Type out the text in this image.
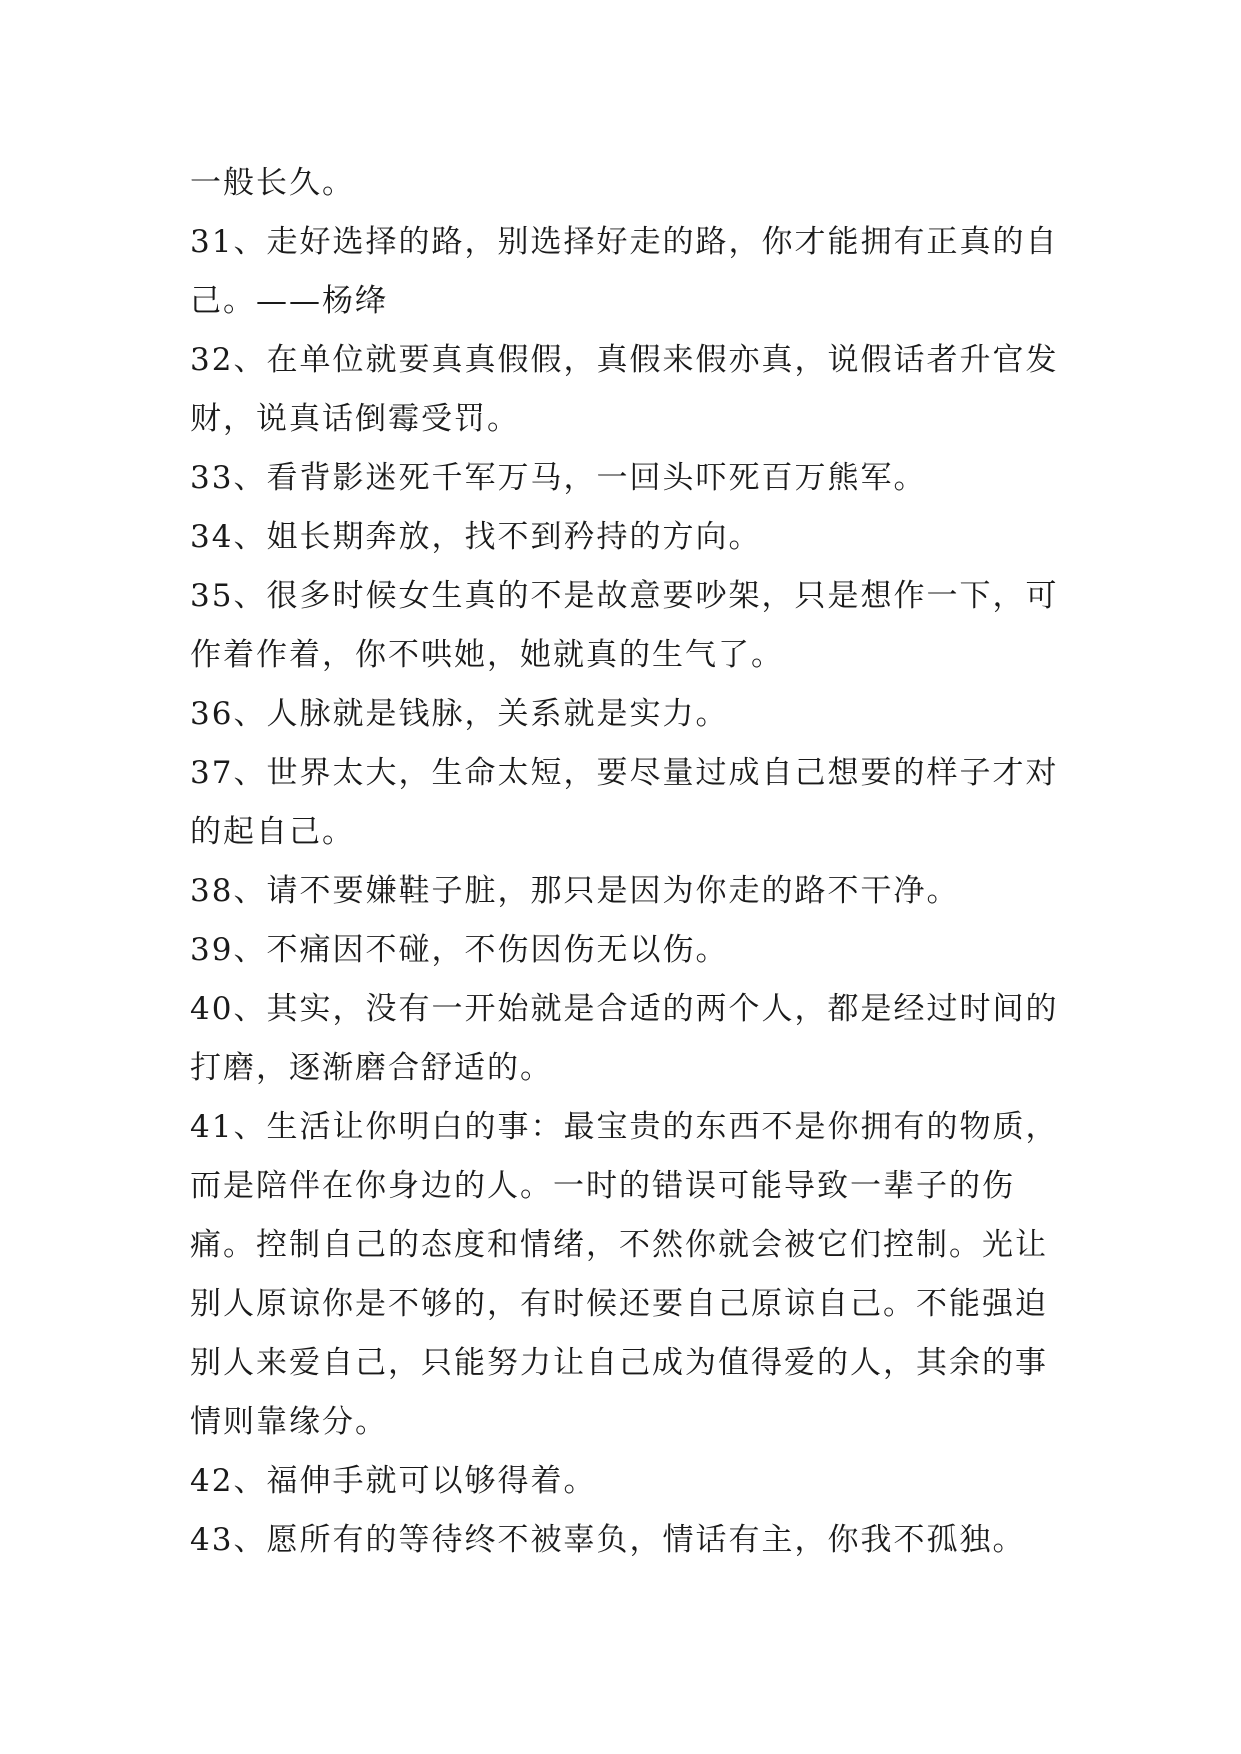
一般长久。

31、走好选择的路，别选择好走的路，你才能拥有正真的自己。——杨绛

32、在单位就要真真假假，真假来假亦真，说假话者升官发财，说真话倒霉受罚。

33、看背影迷死千军万马，一回头吓死百万熊军。

34、姐长期奔放，找不到矜持的方向。

35、很多时候女生真的不是故意要吵架，只是想作一下，可作着作着，你不哄她，她就真的生气了。

36、人脉就是钱脉，关系就是实力。

37、世界太大，生命太短，要尽量过成自己想要的样子才对的起自己。

38、请不要嫌鞋子脏，那只是因为你走的路不干净。

39、不痛因不碰，不伤因伤无以伤。

40、其实，没有一开始就是合适的两个人，都是经过时间的打磨，逐渐磨合舒适的。

41、生活让你明白的事：最宝贵的东西不是你拥有的物质，而是陪伴在你身边的人。一时的错误可能导致一辈子的伤痛。控制自己的态度和情绪，不然你就会被它们控制。光让别人原谅你是不够的，有时候还要自己原谅自己。不能强迫别人来爱自己，只能努力让自己成为值得爱的人，其余的事情则靠缘分。

42、福伸手就可以够得着。

43、愿所有的等待终不被辜负，情话有主，你我不孤独。
